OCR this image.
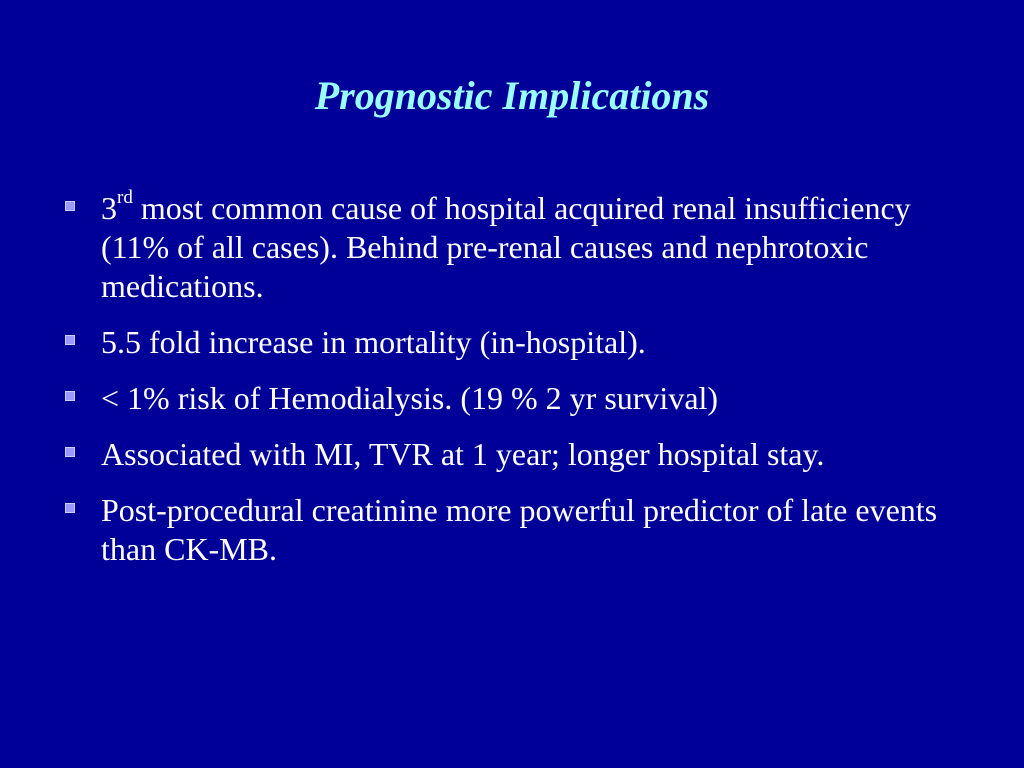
Prognostic Implications
3rd most common cause of hospital acquired renal insufficiency (11% of all cases). Behind pre-renal causes and nephrotoxic medications.
5.5 fold increase in mortality (in-hospital).
< 1% risk of Hemodialysis. (19 % 2 yr survival)
Associated with MI, TVR at 1 year; longer hospital stay.
Post-procedural creatinine more powerful predictor of late events than CK-MB.
